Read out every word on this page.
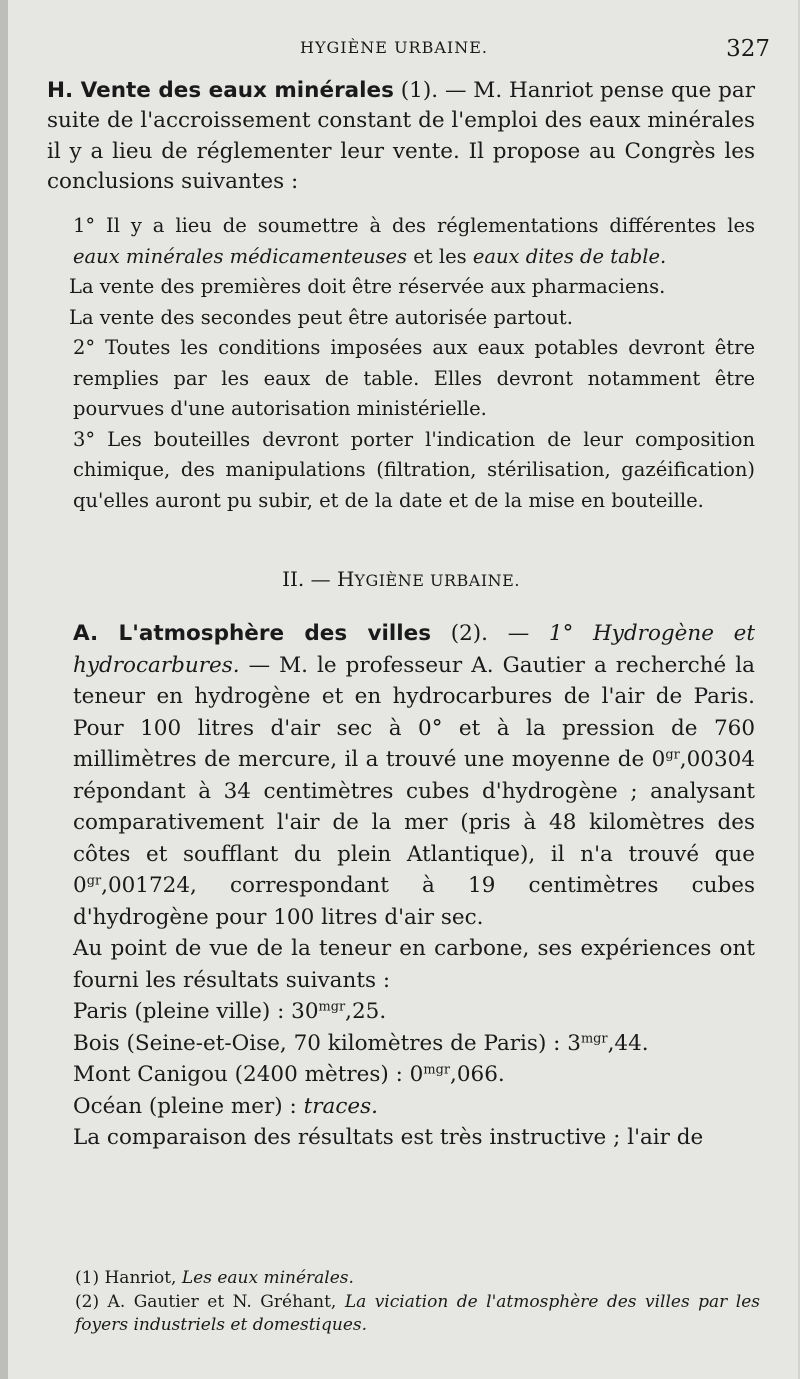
HYGIÈNE URBAINE.	327

H. Vente des eaux minérales (1). — M. Hanriot pense que par suite de l'accroissement constant de l'emploi des eaux minérales il y a lieu de réglementer leur vente. Il propose au Congrès les conclusions suivantes :

1° Il y a lieu de soumettre à des réglementations différentes les eaux minérales médicamenteuses et les eaux dites de table.

La vente des premières doit être réservée aux pharmaciens.

La vente des secondes peut être autorisée partout.

2° Toutes les conditions imposées aux eaux potables devront être remplies par les eaux de table. Elles devront notamment être pourvues d'une autorisation ministérielle.

3° Les bouteilles devront porter l'indication de leur composition chimique, des manipulations (filtration, stérilisation, gazéification) qu'elles auront pu subir, et de la date et de la mise en bouteille.

II. — HYGIÈNE URBAINE.

A. L'atmosphère des villes (2). — 1° Hydrogène et hydrocarbures. — M. le professeur A. Gautier a recherché la teneur en hydrogène et en hydrocarbures de l'air de Paris. Pour 100 litres d'air sec à 0° et à la pression de 760 millimètres de mercure, il a trouvé une moyenne de $0^{gr},00304$ répondant à 34 centimètres cubes d'hydrogène ; analysant comparativement l'air de la mer (pris à 48 kilomètres des côtes et soufflant du plein Atlantique), il n'a trouvé que $0^{gr},001724$, correspondant à 19 centimètres cubes d'hydrogène pour 100 litres d'air sec.

Au point de vue de la teneur en carbone, ses expériences ont fourni les résultats suivants :

Paris (pleine ville) : $30^{mgr},25$.

Bois (Seine-et-Oise, 70 kilomètres de Paris) : $3^{mgr},44$.

Mont Canigou (2400 mètres) : $0^{mgr},066$.

Océan (pleine mer) : traces.

La comparaison des résultats est très instructive ; l'air de

(1) Hanriot, Les eaux minérales.

(2) A. Gautier et N. Gréhant, La viciation de l'atmosphère des villes par les foyers industriels et domestiques.
